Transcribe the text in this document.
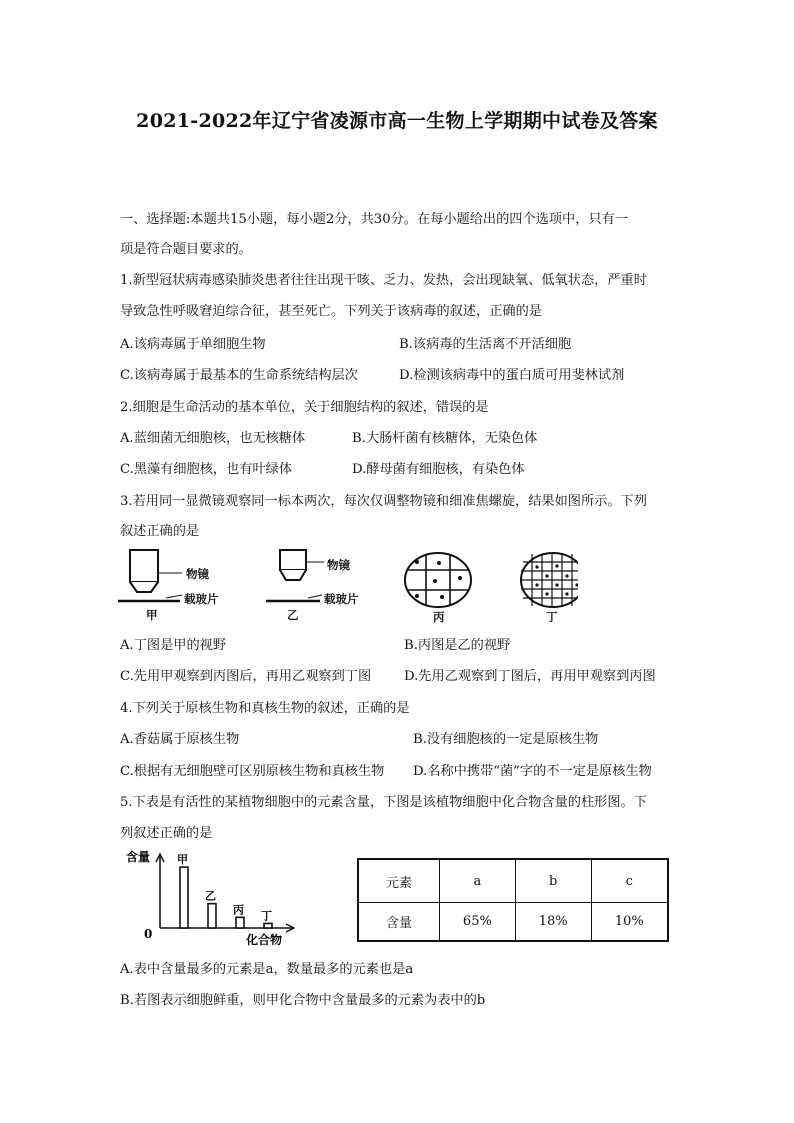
2021-2022年辽宁省凌源市高一生物上学期期中试卷及答案
一、选择题:本题共15小题，每小题2分，共30分。在每小题给出的四个选项中，只有一
项是符合题目要求的。
1.新型冠状病毒感染肺炎患者往往出现干咳、乏力、发热，会出现缺氧、低氧状态，严重时
导致急性呼吸窘迫综合征，甚至死亡。下列关于该病毒的叙述，正确的是
A.该病毒属于单细胞生物	B.该病毒的生活离不开活细胞
C.该病毒属于最基本的生命系统结构层次	D.检测该病毒中的蛋白质可用斐林试剂
2.细胞是生命活动的基本单位，关于细胞结构的叙述，错误的是
A.蓝细菌无细胞核，也无核糖体	B.大肠杆菌有核糖体，无染色体
C.黑藻有细胞核，也有叶绿体	D.酵母菌有细胞核，有染色体
3.若用同一显微镜观察同一标本两次，每次仅调整物镜和细准焦螺旋，结果如图所示。下列
叙述正确的是
物镜
载玻片
甲
物镜
载玻片
乙	丙	丁
A.丁图是甲的视野	B.丙图是乙的视野
C.先用甲观察到丙图后，再用乙观察到丁图 D.先用乙观察到丁图后，再用甲观察到丙图
4.下列关于原核生物和真核生物的叙述，正确的是
A.香菇属于原核生物	B.没有细胞核的一定是原核生物
C.根据有无细胞壁可区别原核生物和真核生物 D.名称中携带“菌”字的不一定是原核生物
5.下表是有活性的某植物细胞中的元素含量，下图是该植物细胞中化合物含量的柱形图。下
列叙述正确的是
甲
乙
丙 丁
含量
0	化合物
元素	a	b	c
含量	65%	18%	10%
A.表中含量最多的元素是a，数量最多的元素也是a
B.若图表示细胞鲜重，则甲化合物中含量最多的元素为表中的b
